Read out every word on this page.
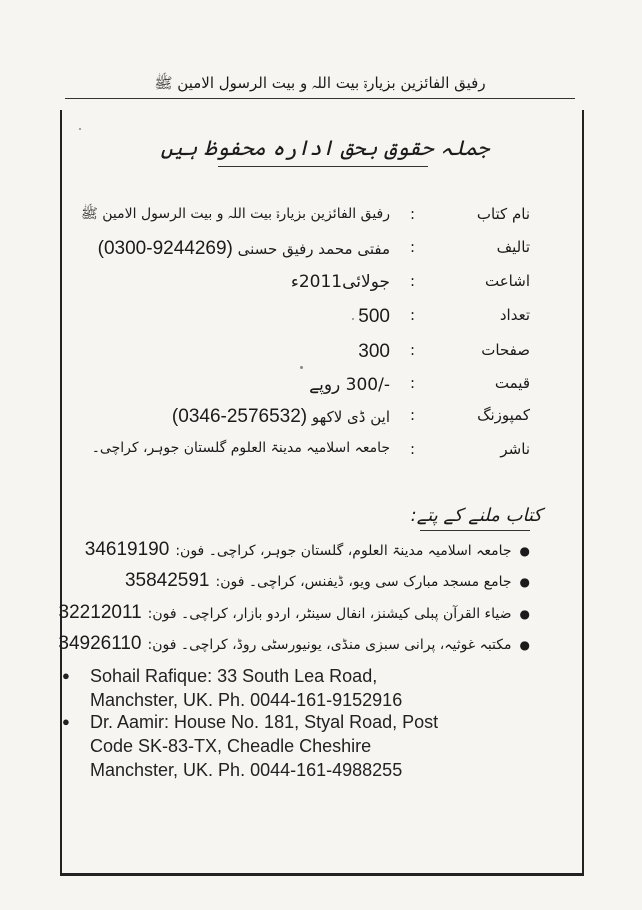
رفیق الفائزین بزیارۃ بیت اللہ و بیت الرسول الامین ﷺ
جملہ حقوق بحق ادارہ محفوظ ہیں
نام کتاب
:
رفیق الفائزین بزیارۃ بیت اللہ و بیت الرسول الامین ﷺ
تالیف
:
مفتی محمد رفیق حسنی (0300-9244269)
اشاعت
:
جولائی2011ء
تعداد
:
500
صفحات
:
300
قیمت
:
-/300 روپے
کمپوزنگ
:
این ڈی لاکھو (0346-2576532)
ناشر
:
جامعہ اسلامیہ مدینۃ العلوم گلستان جوہر، کراچی۔
کتاب ملنے کے پتے:
●جامعہ اسلامیہ مدینۃ العلوم، گلستان جوہر، کراچی۔ فون:34619190
●جامع مسجد مبارک سی ویو، ڈیفنس، کراچی۔ فون:35842591
●ضیاء القرآن پبلی کیشنز، انفال سینٹر، اردو بازار، کراچی۔ فون:32212011
●مکتبہ غوثیہ، پرانی سبزی منڈی، یونیورسٹی روڈ، کراچی۔ فون:34926110
● Sohail Rafique: 33 South Lea Road,
Manchster, UK. Ph. 0044-161-9152916
● Dr. Aamir: House No. 181, Styal Road, Post
Code SK-83-TX, Cheadle Cheshire
Manchster, UK. Ph. 0044-161-4988255
